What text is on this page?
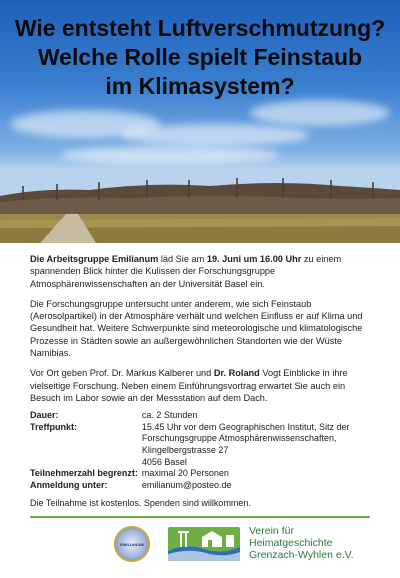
Wie entsteht Luftverschmutzung?
Welche Rolle spielt Feinstaub
im Klimasystem?

Die Arbeitsgruppe Emilianum läd Sie am 19. Juni um 16.00 Uhr zu einem spannenden Blick hinter die Kulissen der Forschungsgruppe Atmosphärenwissenschaften an der Universität Basel ein.

Die Forschungsgruppe untersucht unter anderem, wie sich Feinstaub (Aerosolpartikel) in der Atmosphäre verhält und welchen Einfluss er auf Klima und Gesundheit hat. Weitere Schwerpunkte sind meteorologische und klimatologische Prozesse in Städten sowie an außergewöhnlichen Standorten wie der Wüste Namibias.

Vor Ort geben Prof. Dr. Markus Kalberer und Dr. Roland Vogt Einblicke in ihre vielseitige Forschung. Neben einem Einführungsvortrag erwartet Sie auch ein Besuch im Labor sowie an der Messstation auf dem Dach.

Dauer:	ca. 2 Stunden
Treffpunkt:	15.45 Uhr vor dem Geographischen Institut, Sitz der
Forschungsgruppe Atmosphärenwissenschaften,
Klingelbergstrasse 27
4056 Basel

Teilnehmerzahl begrenzt:	maximal 20 Personen
Anmeldung unter:	emilianum@posteo.de
Die Teilnahme ist kostenlos. Spenden sind willkommen.
EMILIANUM
Verein für
Heimatgeschichte
Grenzach-Wyhlen e.V.
